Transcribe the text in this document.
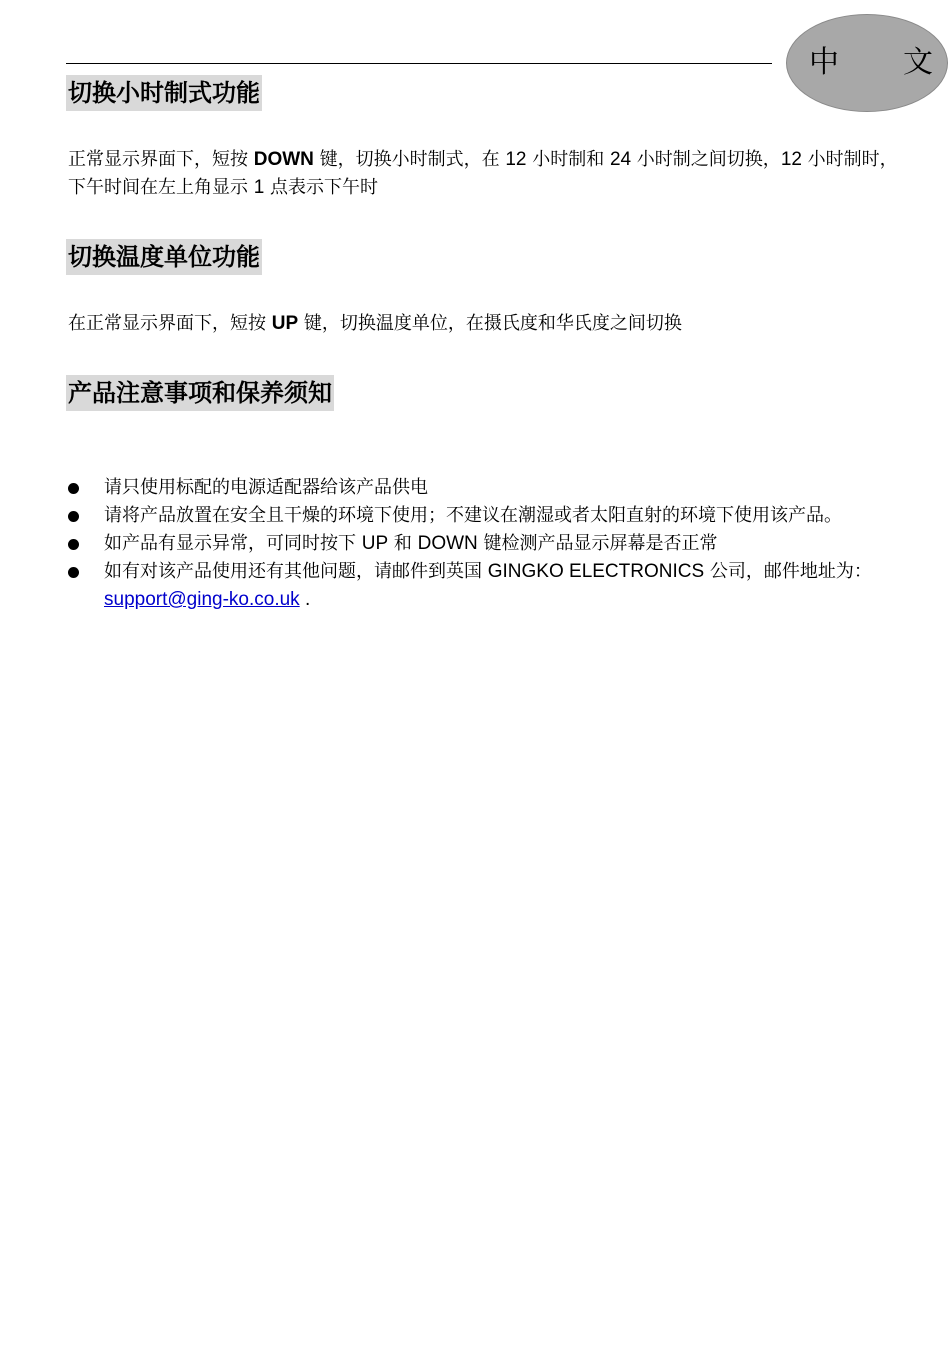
中 文
切换小时制式功能
正常显示界面下，短按 DOWN 键，切换小时制式，在 12 小时制和 24 小时制之间切换，12 小时制时，下午时间在左上角显示 1 点表示下午时
切换温度单位功能
在正常显示界面下，短按 UP 键，切换温度单位，在摄氏度和华氏度之间切换
产品注意事项和保养须知
请只使用标配的电源适配器给该产品供电
请将产品放置在安全且干燥的环境下使用；不建议在潮湿或者太阳直射的环境下使用该产品。
如产品有显示异常，可同时按下 UP 和 DOWN 键检测产品显示屏幕是否正常
如有对该产品使用还有其他问题，请邮件到英国 GINGKO ELECTRONICS 公司，邮件地址为：support@ging-ko.co.uk .
